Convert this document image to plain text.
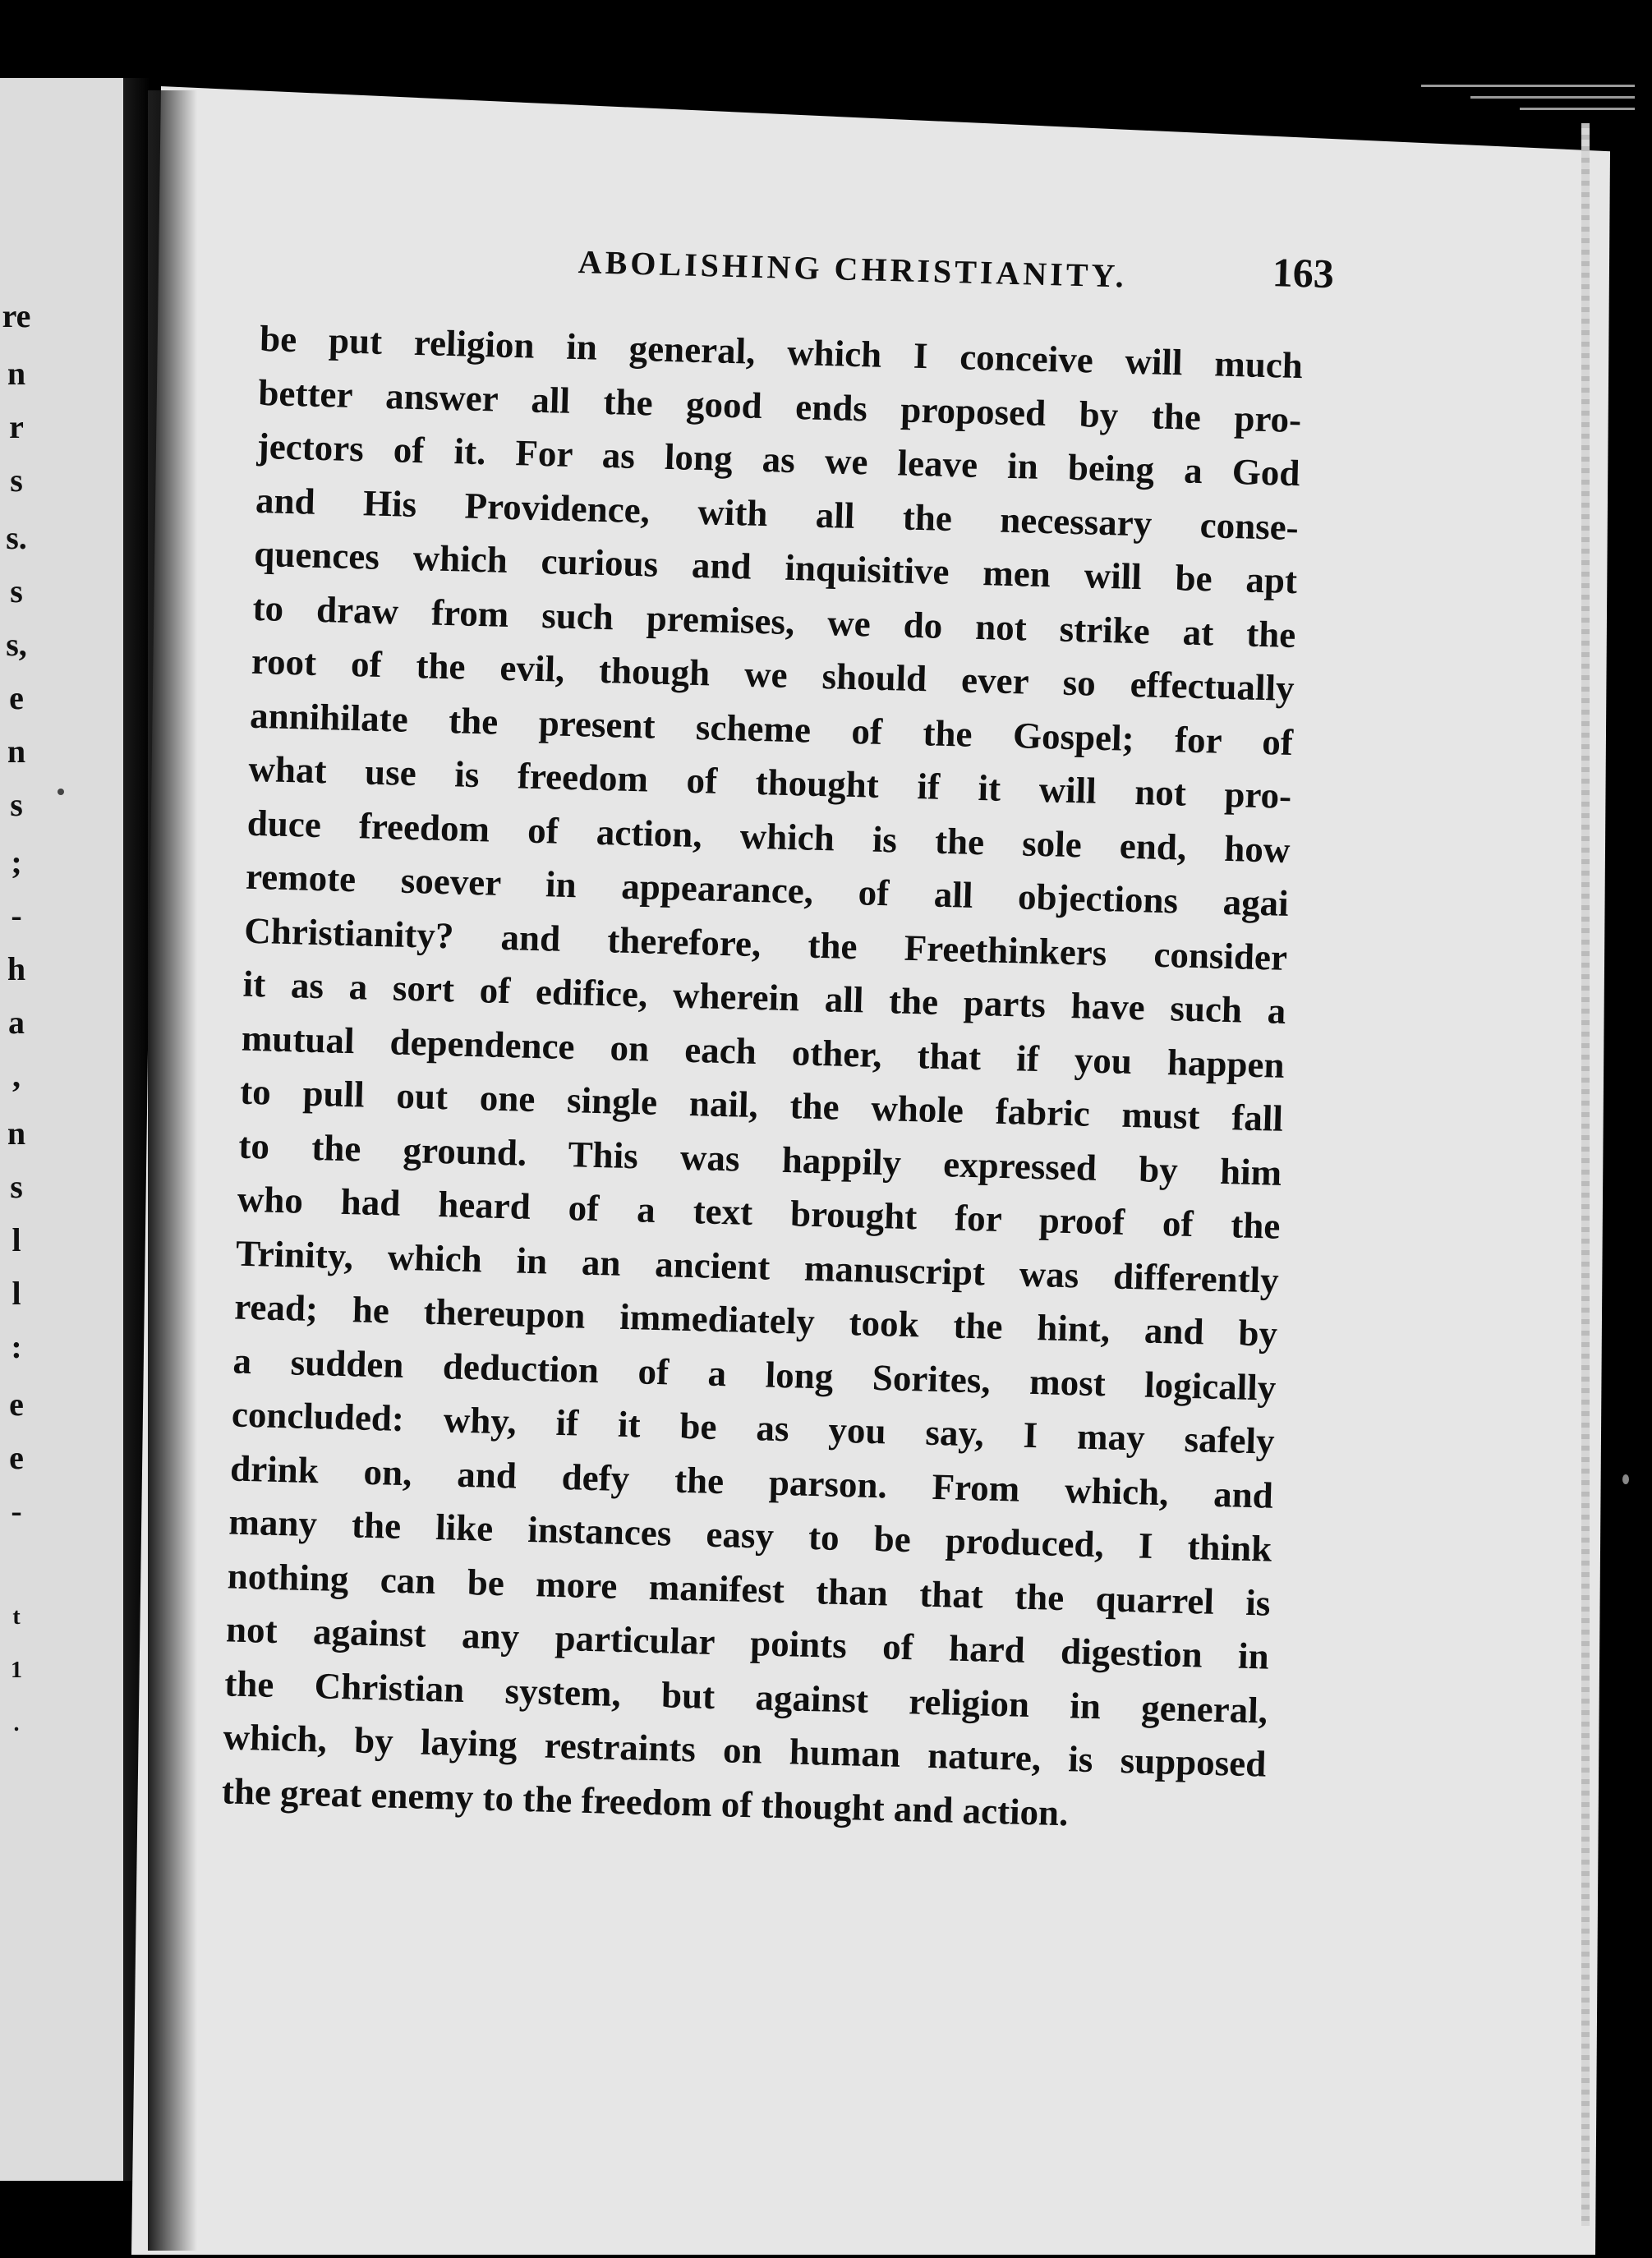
re
n
r
s
s.
s
s,
e
n
s
;
-
h
a
,
n
s
l
l
:
e
e
-
t
1
.
ABOLISHING CHRISTIANITY.	163
be put religion in general, which I conceive will much
better answer all the good ends proposed by the pro-
jectors of it. For as long as we leave in being a God
and His Providence, with all the necessary conse-
quences which curious and inquisitive men will be apt
to draw from such premises, we do not strike at the
root of the evil, though we should ever so effectually
annihilate the present scheme of the Gospel; for of
what use is freedom of thought if it will not pro-
duce freedom of action, which is the sole end, how
remote soever in appearance, of all objections agai
Christianity? and therefore, the Freethinkers consider
it as a sort of edifice, wherein all the parts have such a
mutual dependence on each other, that if you happen
to pull out one single nail, the whole fabric must fall
to the ground. This was happily expressed by him
who had heard of a text brought for proof of the
Trinity, which in an ancient manuscript was differently
read; he thereupon immediately took the hint, and by
a sudden deduction of a long Sorites, most logically
concluded: why, if it be as you say, I may safely
drink on, and defy the parson. From which, and
many the like instances easy to be produced, I think
nothing can be more manifest than that the quarrel is
not against any particular points of hard digestion in
the Christian system, but against religion in general,
which, by laying restraints on human nature, is supposed
the great enemy to the freedom of thought and action.
